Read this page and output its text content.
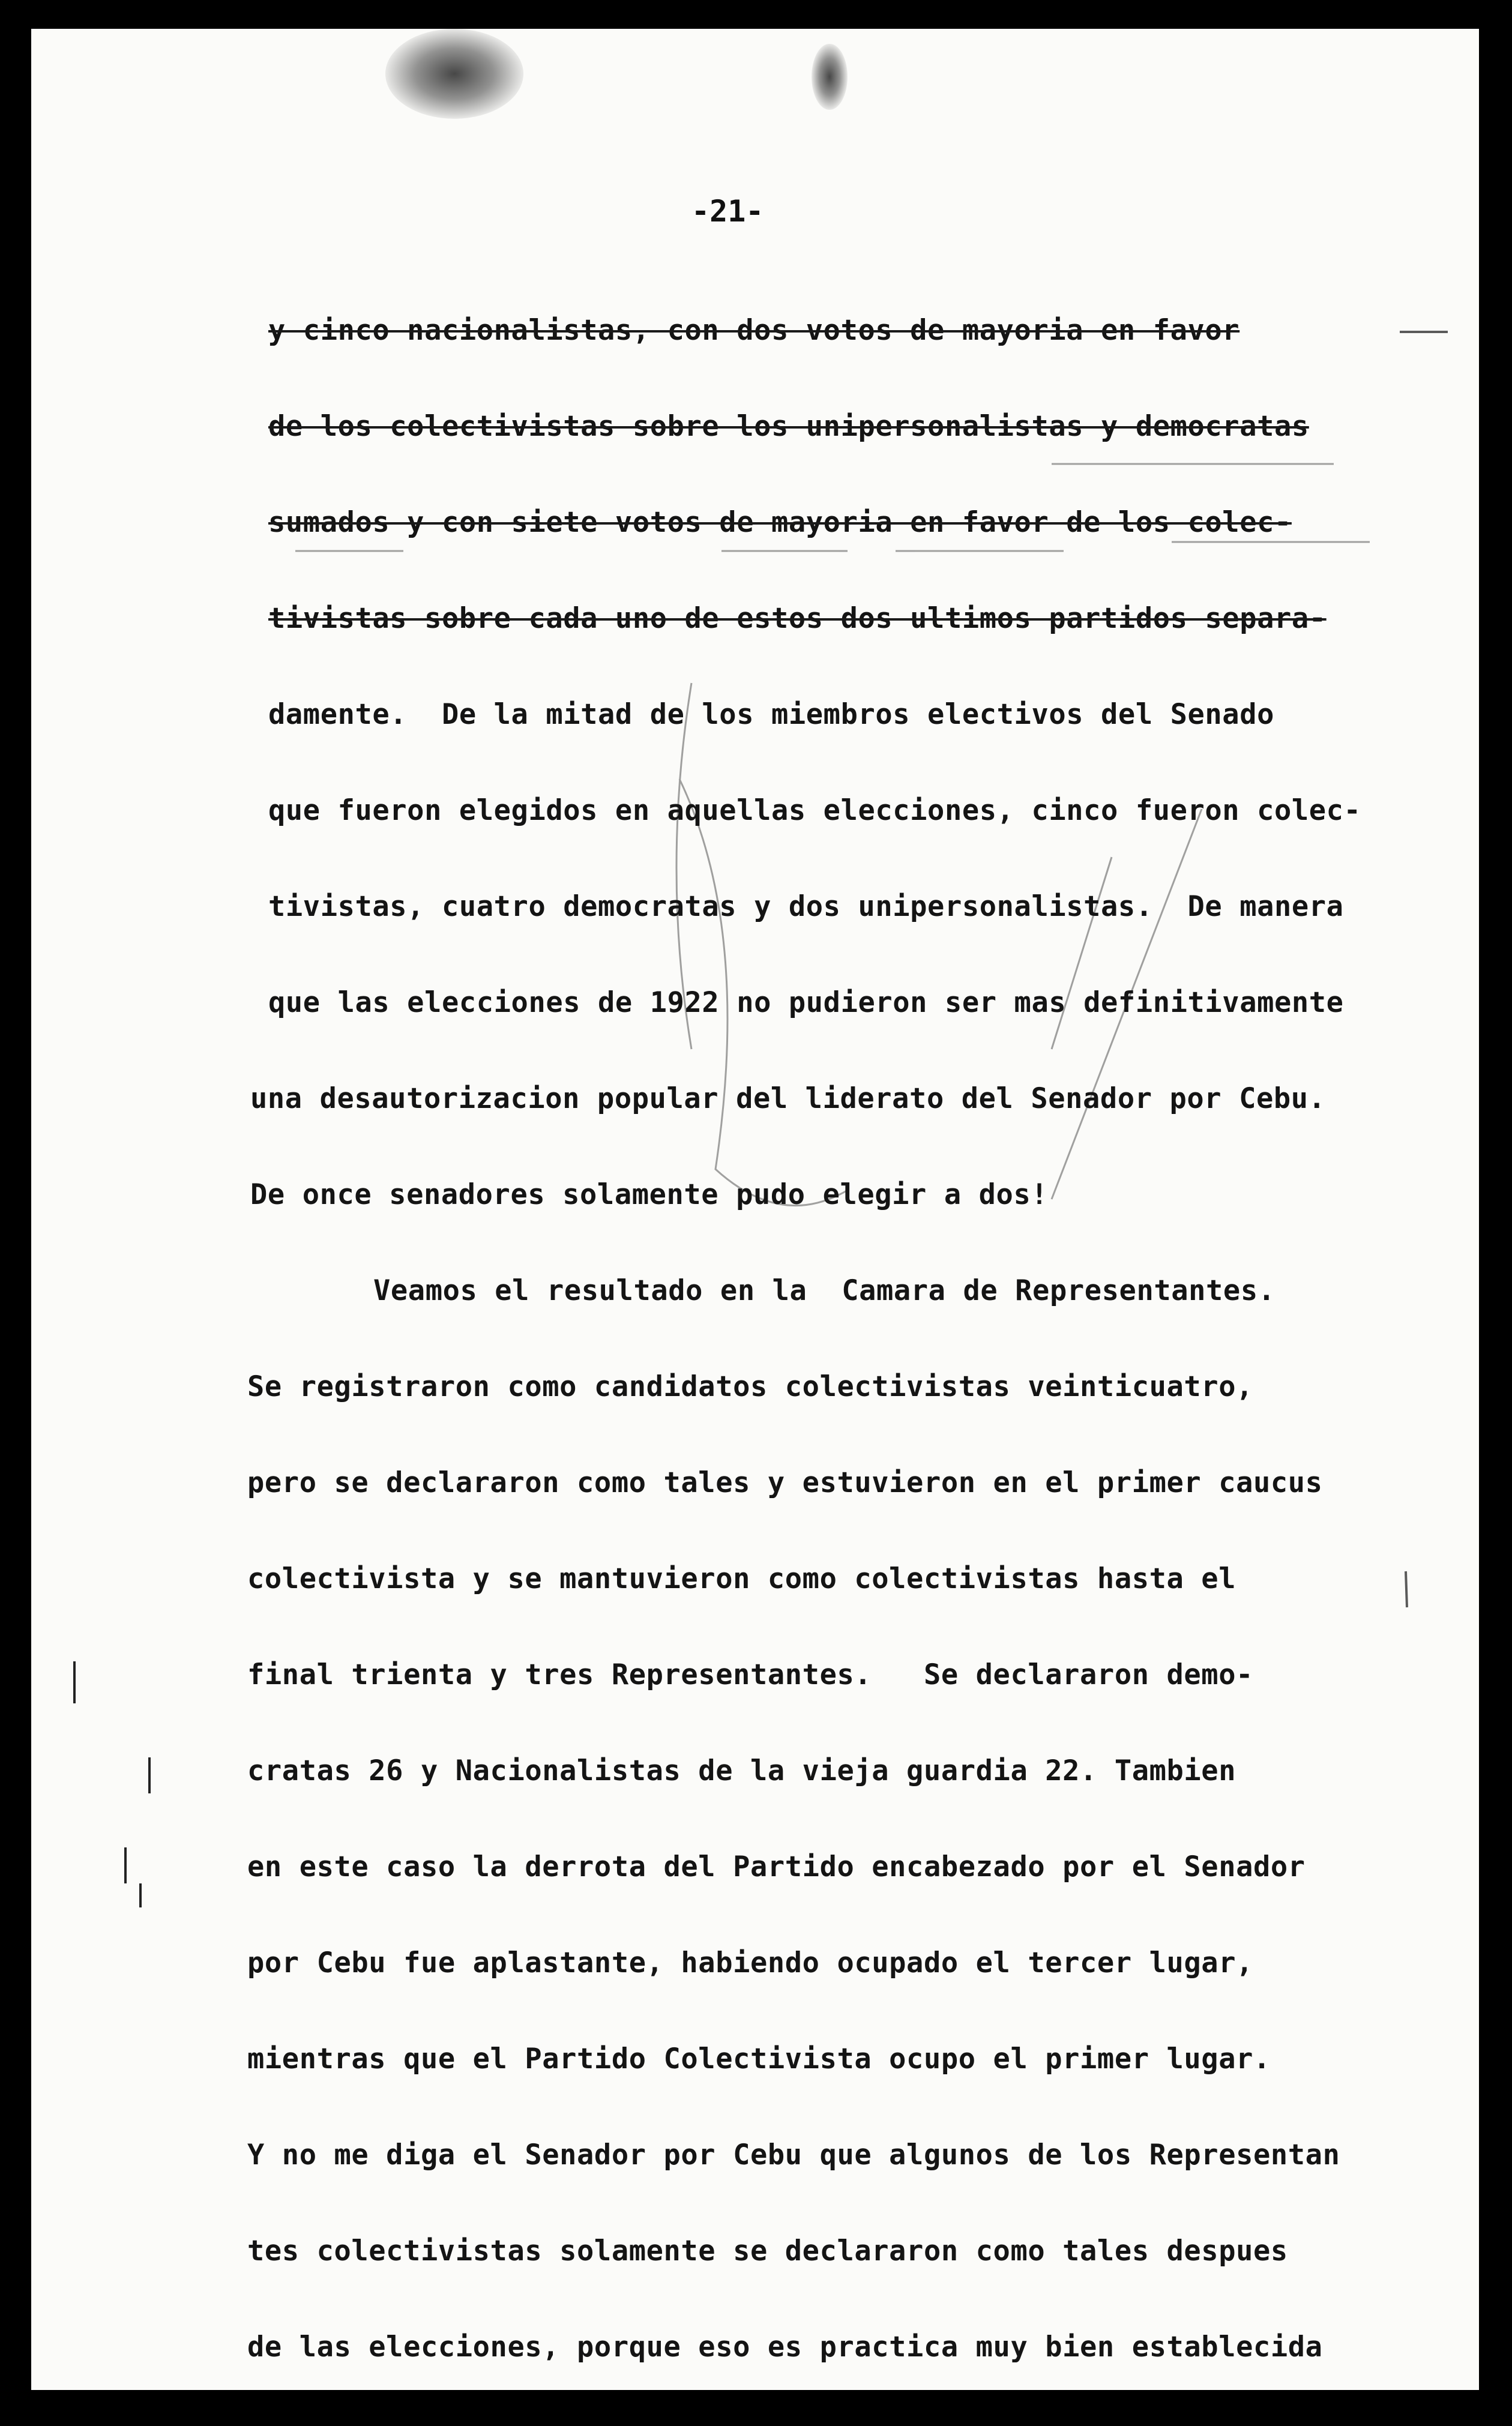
-21-
y cinco nacionalistas, con dos votos de mayoria en favor
de los colectivistas sobre los unipersonalistas y democratas
sumados y con siete votos de mayoria en favor de los colec-
tivistas sobre cada uno de estos dos ultimos partidos separa-
damente.  De la mitad de los miembros electivos del Senado
que fueron elegidos en aquellas elecciones, cinco fueron colec-
tivistas, cuatro democratas y dos unipersonalistas.  De manera
que las elecciones de 1922 no pudieron ser mas definitivamente
una desautorizacion popular del liderato del Senador por Cebu.
De once senadores solamente pudo elegir a dos!
Veamos el resultado en la  Camara de Representantes.
Se registraron como candidatos colectivistas veinticuatro,
pero se declararon como tales y estuvieron en el primer caucus
colectivista y se mantuvieron como colectivistas hasta el
final trienta y tres Representantes.   Se declararon demo-
cratas 26 y Nacionalistas de la vieja guardia 22. Tambien
en este caso la derrota del Partido encabezado por el Senador
por Cebu fue aplastante, habiendo ocupado el tercer lugar,
mientras que el Partido Colectivista ocupo el primer lugar.
Y no me diga el Senador por Cebu que algunos de los Representan
tes colectivistas solamente se declararon como tales despues
de las elecciones, porque eso es practica muy bien establecida
